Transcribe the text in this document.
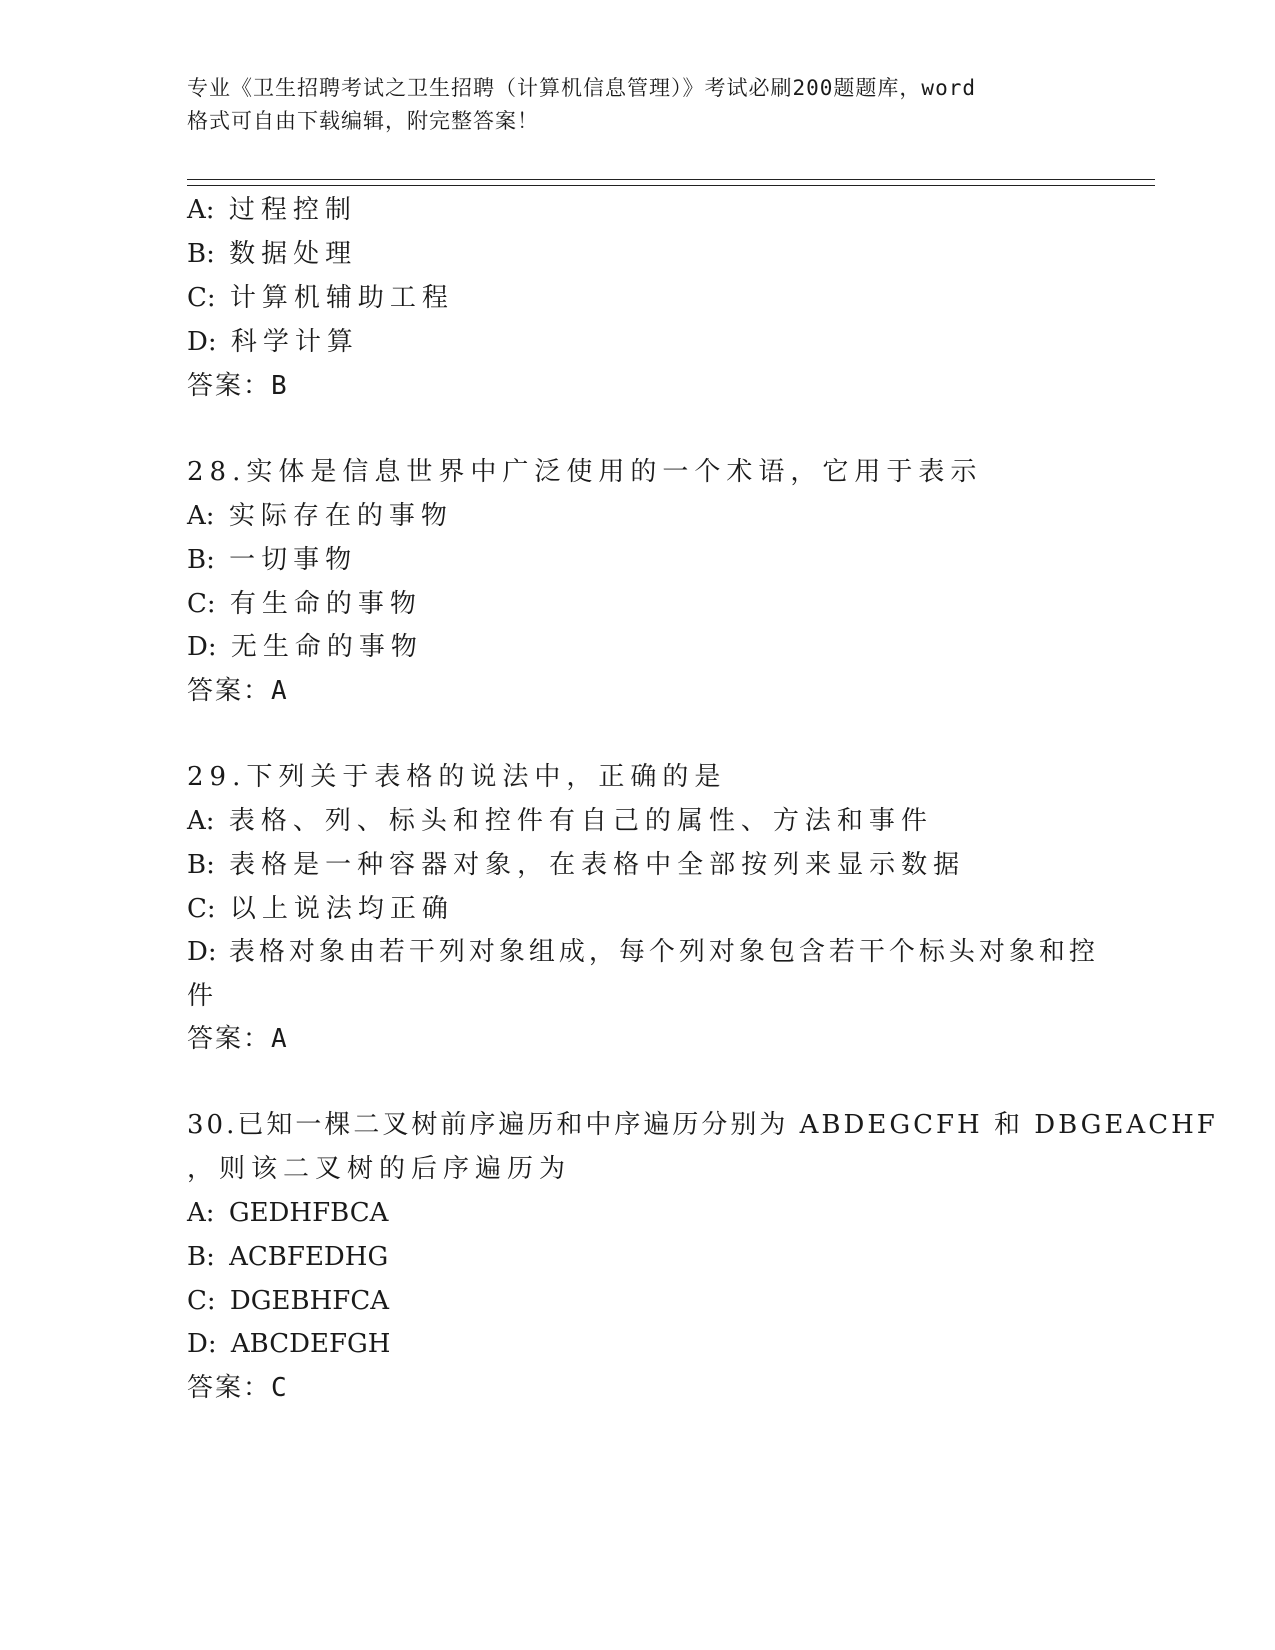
专业《卫生招聘考试之卫生招聘（计算机信息管理）》考试必刷200题题库，word
格式可自由下载编辑，附完整答案！
A: 过程控制
B: 数据处理
C: 计算机辅助工程
D: 科学计算
答案：B
28.实体是信息世界中广泛使用的一个术语，它用于表示
A: 实际存在的事物
B: 一切事物
C: 有生命的事物
D: 无生命的事物
答案：A
29.下列关于表格的说法中，正确的是
A: 表格、列、标头和控件有自己的属性、方法和事件
B: 表格是一种容器对象，在表格中全部按列来显示数据
C: 以上说法均正确
D: 表格对象由若干列对象组成，每个列对象包含若干个标头对象和控
件
答案：A
30.已知一棵二叉树前序遍历和中序遍历分别为 ABDEGCFH 和 DBGEACHF
，则该二叉树的后序遍历为
A: GEDHFBCA
B: ACBFEDHG
C: DGEBHFCA
D: ABCDEFGH
答案：C
